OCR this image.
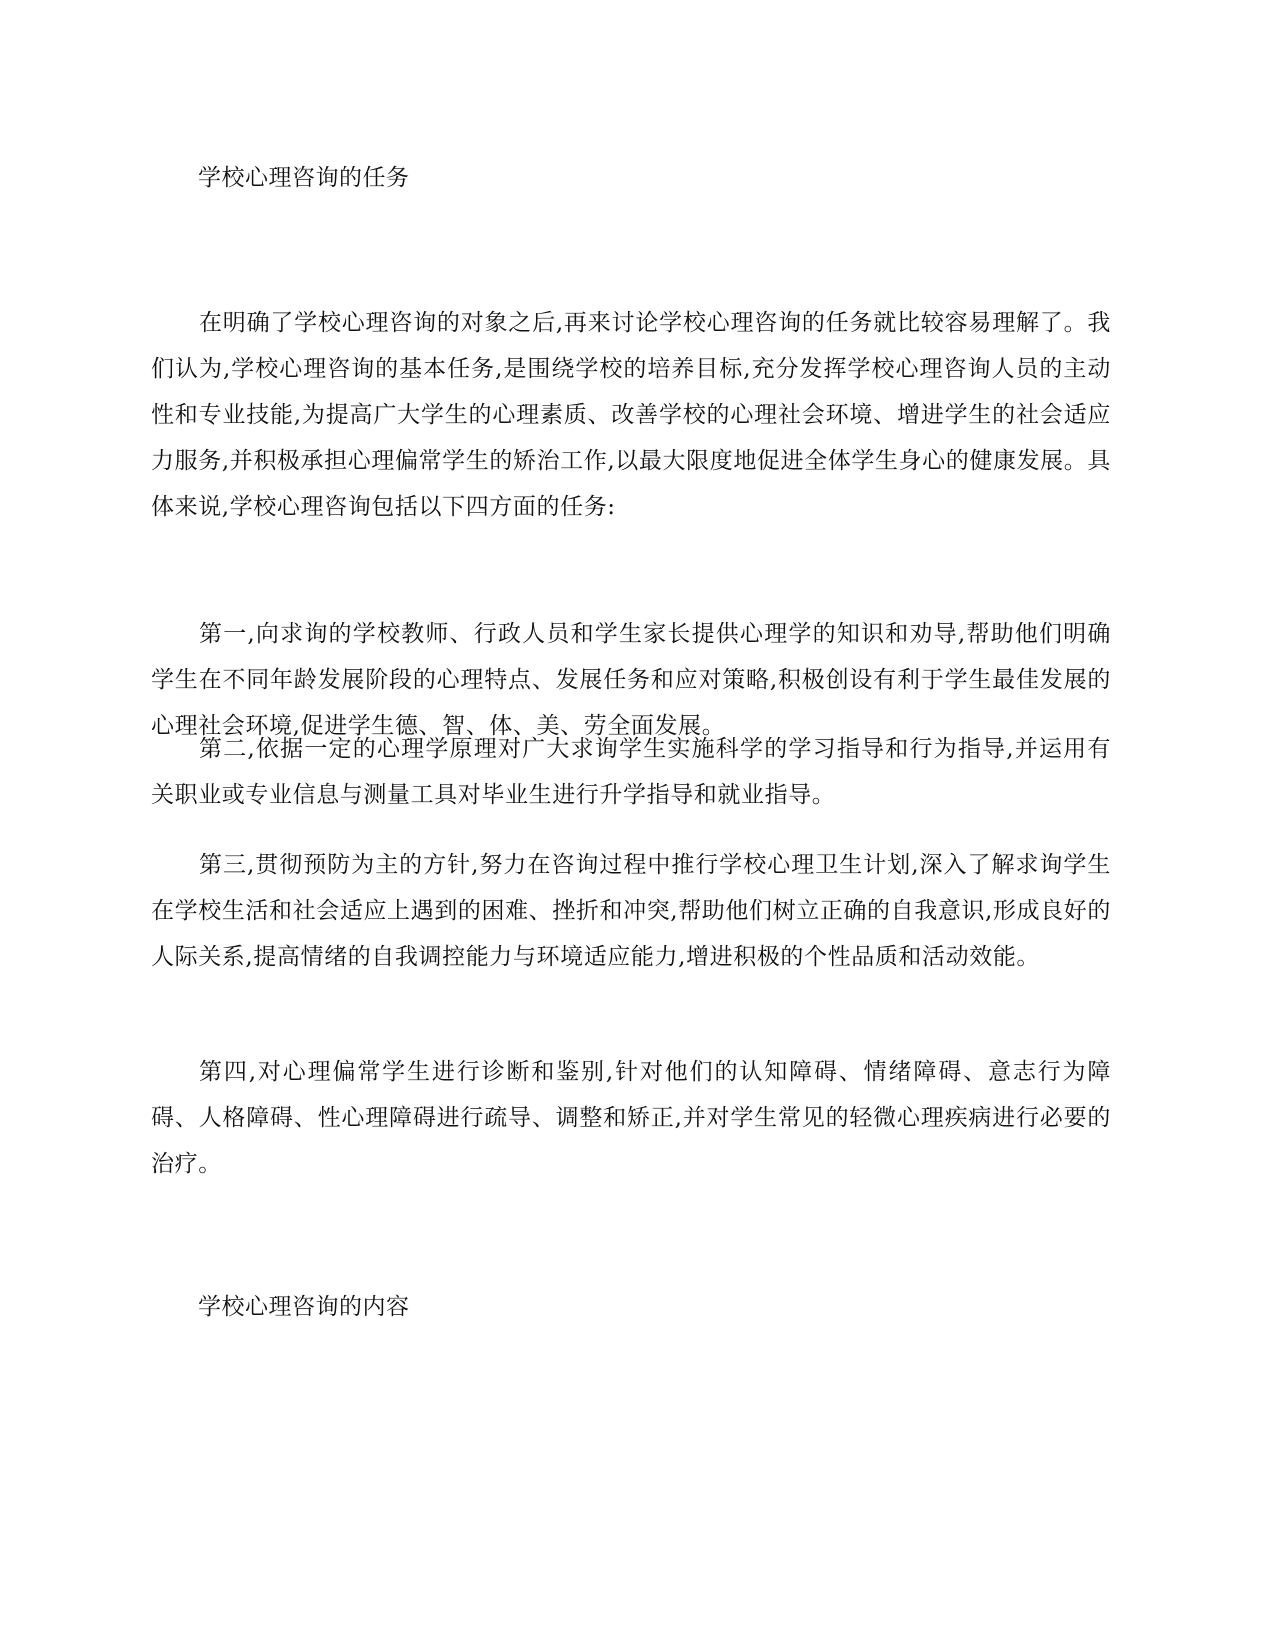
学校心理咨询的任务

在明确了学校心理咨询的对象之后,再来讨论学校心理咨询的任务就比较容易理解了。我们认为,学校心理咨询的基本任务,是围绕学校的培养目标,充分发挥学校心理咨询人员的主动性和专业技能,为提高广大学生的心理素质、改善学校的心理社会环境、增进学生的社会适应力服务,并积极承担心理偏常学生的矫治工作,以最大限度地促进全体学生身心的健康发展。具体来说,学校心理咨询包括以下四方面的任务:

第一,向求询的学校教师、行政人员和学生家长提供心理学的知识和劝导,帮助他们明确学生在不同年龄发展阶段的心理特点、发展任务和应对策略,积极创设有利于学生最佳发展的心理社会环境,促进学生德、智、体、美、劳全面发展。

第二,依据一定的心理学原理对广大求询学生实施科学的学习指导和行为指导,并运用有关职业或专业信息与测量工具对毕业生进行升学指导和就业指导。

第三,贯彻预防为主的方针,努力在咨询过程中推行学校心理卫生计划,深入了解求询学生在学校生活和社会适应上遇到的困难、挫折和冲突,帮助他们树立正确的自我意识,形成良好的人际关系,提高情绪的自我调控能力与环境适应能力,增进积极的个性品质和活动效能。

第四,对心理偏常学生进行诊断和鉴别,针对他们的认知障碍、情绪障碍、意志行为障碍、人格障碍、性心理障碍进行疏导、调整和矫正,并对学生常见的轻微心理疾病进行必要的治疗。

学校心理咨询的内容
